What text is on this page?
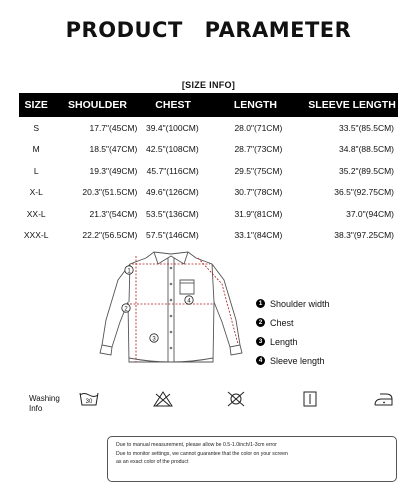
PRODUCT PARAMETER
[SIZE INFO]
SIZE	SHOULDER	CHEST	LENGTH	SLEEVE LENGTH
S	17.7"(45CM)	39.4"(100CM)	28.0"(71CM)	33.5"(85.5CM)
M	18.5"(47CM)	42.5"(108CM)	28.7"(73CM)	34.8"(88.5CM)
L	19.3"(49CM)	45.7"(116CM)	29.5"(75CM)	35.2"(89.5CM)
X-L	20.3"(51.5CM)	49.6"(126CM)	30.7"(78CM)	36.5"(92.75CM)
XX-L	21.3"(54CM)	53.5"(136CM)	31.9"(81CM)	37.0"(94CM)
XXX-L	22.2"(56.5CM)	57.5"(146CM)	33.1"(84CM)	38.3"(97.25CM)
1
2
3
4	1 Shoulder width
2 Chest
3 Length
4 Sleeve length
Washing
Info
30
Due to manual measurement, please allow be 0.5-1.0inch/1-3cm error
Due to monitor settings, we cannot guarantee that the color on your screen
as an exact color of the product
